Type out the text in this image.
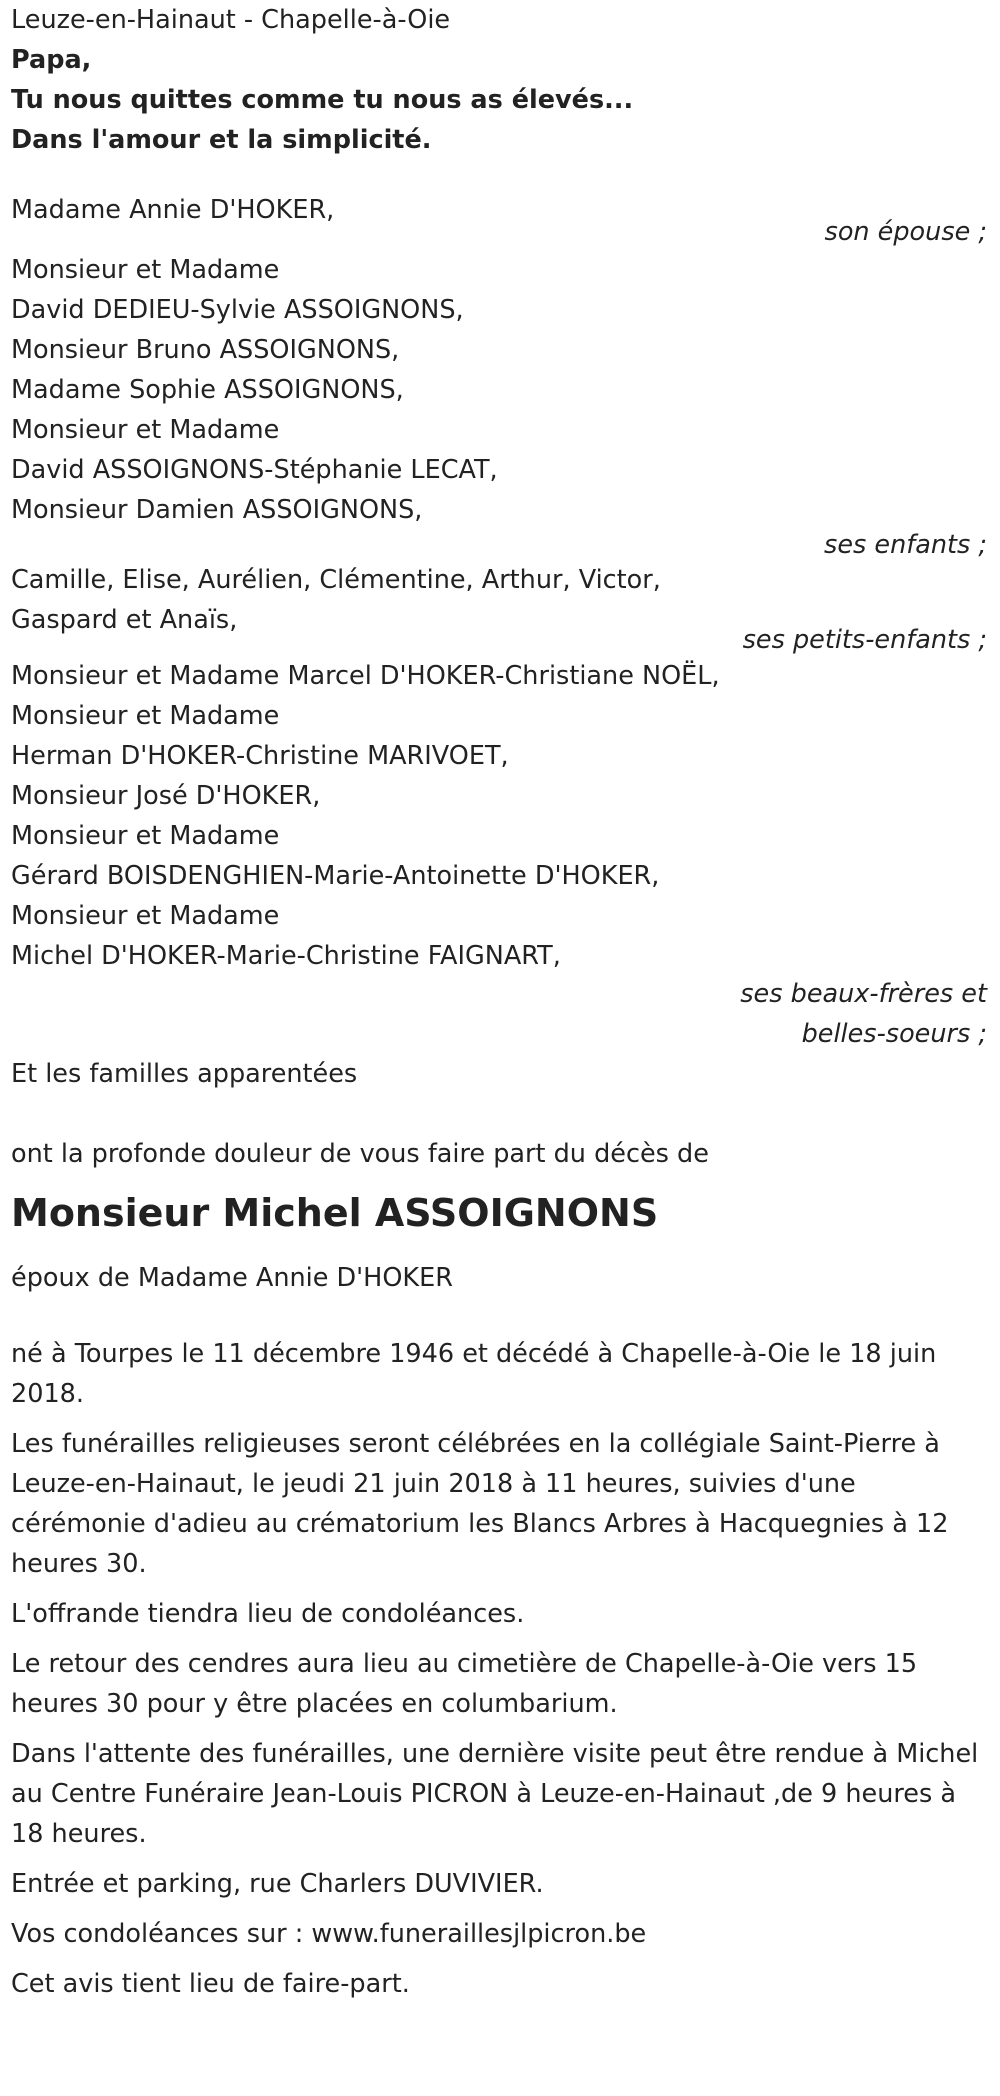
Leuze-en-Hainaut - Chapelle-à-Oie
Papa,
Tu nous quittes comme tu nous as élevés...
Dans l'amour et la simplicité.
Madame Annie D'HOKER,
son épouse ;
Monsieur et Madame
David DEDIEU-Sylvie ASSOIGNONS,
Monsieur Bruno ASSOIGNONS,
Madame Sophie ASSOIGNONS,
Monsieur et Madame
David ASSOIGNONS-Stéphanie LECAT,
Monsieur Damien ASSOIGNONS,
ses enfants ;
Camille, Elise, Aurélien, Clémentine, Arthur, Victor,
Gaspard et Anaïs,
ses petits-enfants ;
Monsieur et Madame Marcel D'HOKER-Christiane NOËL,
Monsieur et Madame
Herman D'HOKER-Christine MARIVOET,
Monsieur José D'HOKER,
Monsieur et Madame
Gérard BOISDENGHIEN-Marie-Antoinette D'HOKER,
Monsieur et Madame
Michel D'HOKER-Marie-Christine FAIGNART,
ses beaux-frères et
belles-soeurs ;
Et les familles apparentées
ont la profonde douleur de vous faire part du décès de
Monsieur Michel ASSOIGNONS
époux de Madame Annie D'HOKER
né à Tourpes le 11 décembre 1946 et décédé à Chapelle-à-Oie le 18 juin 2018.
Les funérailles religieuses seront célébrées en la collégiale Saint-Pierre à Leuze-en-Hainaut, le jeudi 21 juin 2018 à 11 heures, suivies d'une cérémonie d'adieu au crématorium les Blancs Arbres à Hacquegnies à 12 heures 30.
L'offrande tiendra lieu de condoléances.
Le retour des cendres aura lieu au cimetière de Chapelle-à-Oie vers 15 heures 30 pour y être placées en columbarium.
Dans l'attente des funérailles, une dernière visite peut être rendue à Michel au Centre Funéraire Jean-Louis PICRON à Leuze-en-Hainaut ,de 9 heures à 18 heures.
Entrée et parking, rue Charlers DUVIVIER.
Vos condoléances sur : www.funeraillesjlpicron.be
Cet avis tient lieu de faire-part.
